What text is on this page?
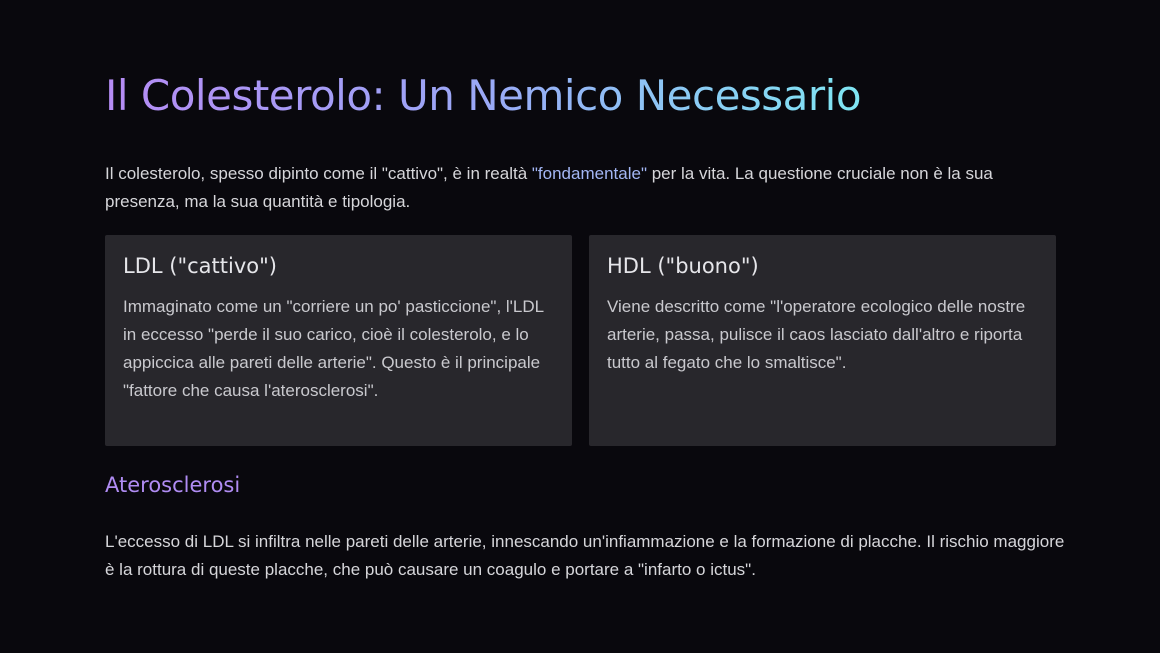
Il Colesterolo: Un Nemico Necessario

Il colesterolo, spesso dipinto come il "cattivo", è in realtà "fondamentale" per la vita. La questione cruciale non è la sua presenza, ma la sua quantità e tipologia.

LDL ("cattivo")

Immaginato come un "corriere un po' pasticcione", l'LDL in eccesso "perde il suo carico, cioè il colesterolo, e lo appiccica alle pareti delle arterie". Questo è il principale "fattore che causa l'aterosclerosi".

HDL ("buono")

Viene descritto come "l'operatore ecologico delle nostre arterie, passa, pulisce il caos lasciato dall'altro e riporta tutto al fegato che lo smaltisce".

Aterosclerosi

L'eccesso di LDL si infiltra nelle pareti delle arterie, innescando un'infiammazione e la formazione di placche. Il rischio maggiore è la rottura di queste placche, che può causare un coagulo e portare a "infarto o ictus".
